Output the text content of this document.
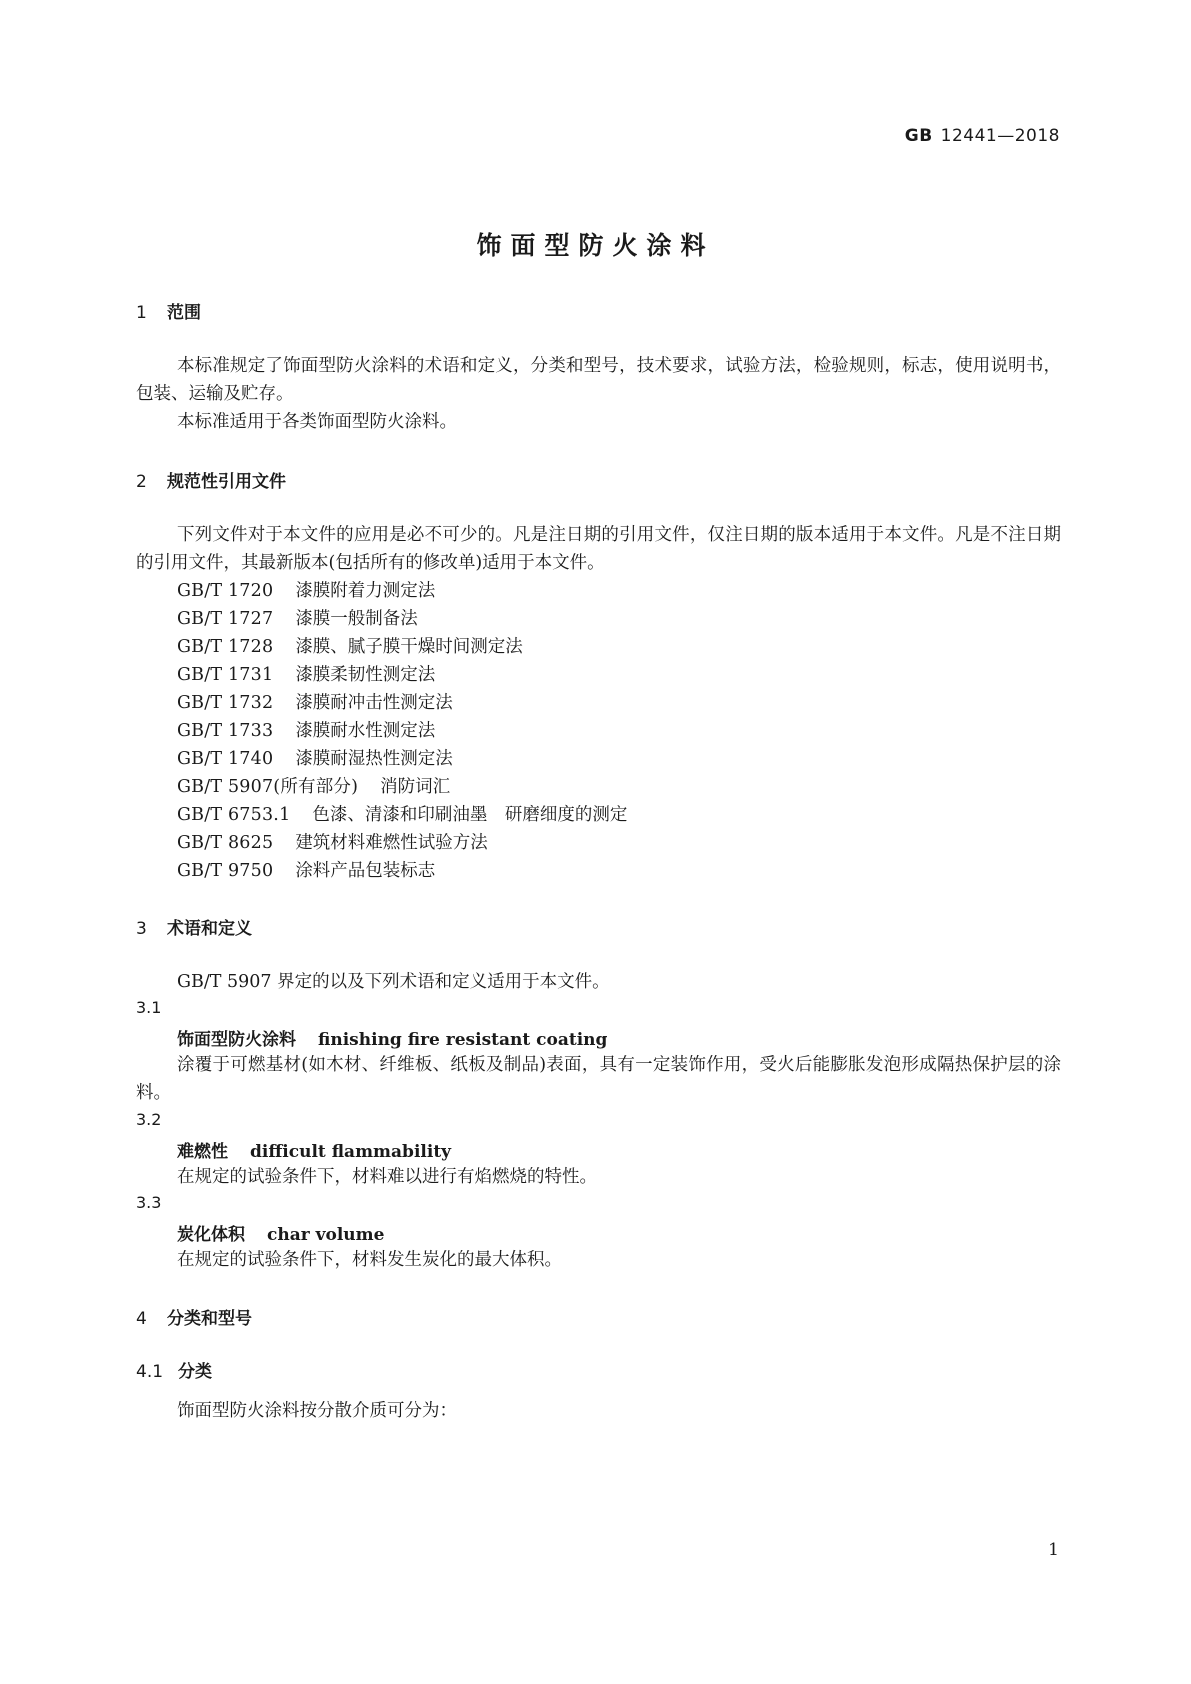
GB 12441—2018
饰面型防火涂料
1 范围
本标准规定了饰面型防火涂料的术语和定义，分类和型号，技术要求，试验方法，检验规则，标志，使用说明书，包装、运输及贮存。
本标准适用于各类饰面型防火涂料。
2 规范性引用文件
下列文件对于本文件的应用是必不可少的。凡是注日期的引用文件，仅注日期的版本适用于本文件。凡是不注日期的引用文件，其最新版本(包括所有的修改单)适用于本文件。
GB/T 1720 漆膜附着力测定法
GB/T 1727 漆膜一般制备法
GB/T 1728 漆膜、腻子膜干燥时间测定法
GB/T 1731 漆膜柔韧性测定法
GB/T 1732 漆膜耐冲击性测定法
GB/T 1733 漆膜耐水性测定法
GB/T 1740 漆膜耐湿热性测定法
GB/T 5907(所有部分) 消防词汇
GB/T 6753.1 色漆、清漆和印刷油墨　研磨细度的测定
GB/T 8625 建筑材料难燃性试验方法
GB/T 9750 涂料产品包装标志
3 术语和定义
GB/T 5907 界定的以及下列术语和定义适用于本文件。
3.1
饰面型防火涂料 finishing fire resistant coating
涂覆于可燃基材(如木材、纤维板、纸板及制品)表面，具有一定装饰作用，受火后能膨胀发泡形成隔热保护层的涂料。
3.2
难燃性 difficult flammability
在规定的试验条件下，材料难以进行有焰燃烧的特性。
3.3
炭化体积 char volume
在规定的试验条件下，材料发生炭化的最大体积。
4 分类和型号
4.1 分类
饰面型防火涂料按分散介质可分为：
1
